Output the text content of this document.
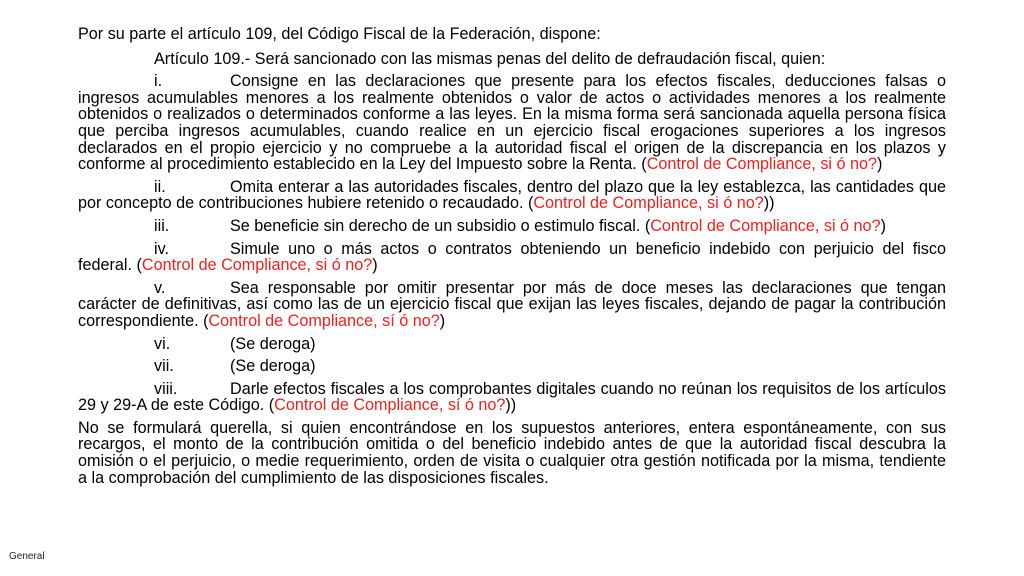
Por su parte el artículo 109, del Código Fiscal de la Federación, dispone:

Artículo 109.- Será sancionado con las mismas penas del delito de defraudación fiscal, quien:

i.	Consigne en las declaraciones que presente para los efectos fiscales, deducciones falsas o ingresos acumulables menores a los realmente obtenidos o valor de actos o actividades menores a los realmente obtenidos o realizados o determinados conforme a las leyes. En la misma forma será sancionada aquella persona física que perciba ingresos acumulables, cuando realice en un ejercicio fiscal erogaciones superiores a los ingresos declarados en el propio ejercicio y no compruebe a la autoridad fiscal el origen de la discrepancia en los plazos y conforme al procedimiento establecido en la Ley del Impuesto sobre la Renta. (Control de Compliance, si ó no?)

ii.	Omita enterar a las autoridades fiscales, dentro del plazo que la ley establezca, las cantidades que por concepto de contribuciones hubiere retenido o recaudado. (Control de Compliance, si ó no?))

iii.	Se beneficie sin derecho de un subsidio o estimulo fiscal. (Control de Compliance, si ó no?)

iv.	Simule uno o más actos o contratos obteniendo un beneficio indebido con perjuicio del fisco federal. (Control de Compliance, si ó no?)

v.	Sea responsable por omitir presentar por más de doce meses las declaraciones que tengan carácter de definitivas, así como las de un ejercicio fiscal que exijan las leyes fiscales, dejando de pagar la contribución correspondiente. (Control de Compliance, sí ó no?)

vi.	(Se deroga)

vii.	(Se deroga)

viii.	Darle efectos fiscales a los comprobantes digitales cuando no reúnan los requisitos de los artículos 29 y 29-A de este Código. (Control de Compliance, sí ó no?))

No se formulará querella, si quien encontrándose en los supuestos anteriores, entera espontáneamente, con sus recargos, el monto de la contribución omitida o del beneficio indebido antes de que la autoridad fiscal descubra la omisión o el perjuicio, o medie requerimiento, orden de visita o cualquier otra gestión notificada por la misma, tendiente a la comprobación del cumplimiento de las disposiciones fiscales.

General
